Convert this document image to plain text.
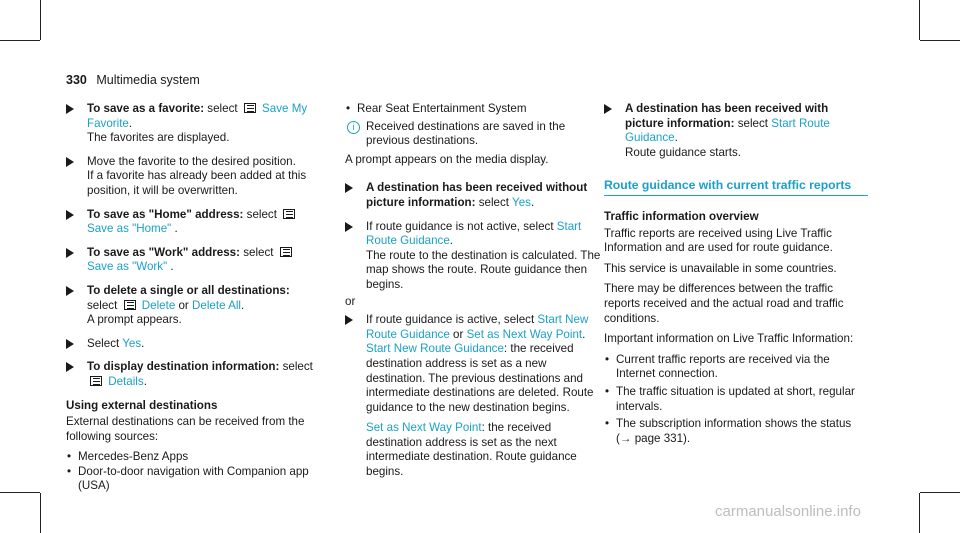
330 Multimedia system
To save as a favorite: select  Save My
Favorite.
The favorites are displayed.
Move the favorite to the desired position.
If a favorite has already been added at this position, it will be overwritten.
To save as "Home" address: select
Save as "Home" .
To save as "Work" address: select
Save as "Work" .
To delete a single or all destinations:
select  Delete or Delete All.
A prompt appears.
Select Yes.
To display destination information: select
Details.
Using external destinations

External destinations can be received from the following sources:

• Mercedes-Benz Apps
• Door-to-door navigation with Companion app (USA)
• Rear Seat Entertainment System
i Received destinations are saved in the previous destinations.

A prompt appears on the media display.

A destination has been received without picture information: select Yes.
If route guidance is not active, select Start Route Guidance.
The route to the destination is calculated. The map shows the route. Route guidance then begins.
or
If route guidance is active, select Start New Route Guidance or Set as Next Way Point.
Start New Route Guidance: the received destination address is set as a new destination. The previous destinations and intermediate destinations are deleted. Route guidance to the new destination begins.
Set as Next Way Point: the received destination address is set as the next intermediate destination. Route guidance begins.
A destination has been received with picture information: select Start Route Guidance.
Route guidance starts.
Route guidance with current traffic reports
Traffic information overview

Traffic reports are received using Live Traffic Information and are used for route guidance.

This service is unavailable in some countries.

There may be differences between the traffic reports received and the actual road and traffic conditions.

Important information on Live Traffic Information:

• Current traffic reports are received via the Internet connection.
• The traffic situation is updated at short, regular intervals.
• The subscription information shows the status (→ page 331).
carmanualsonline.info
